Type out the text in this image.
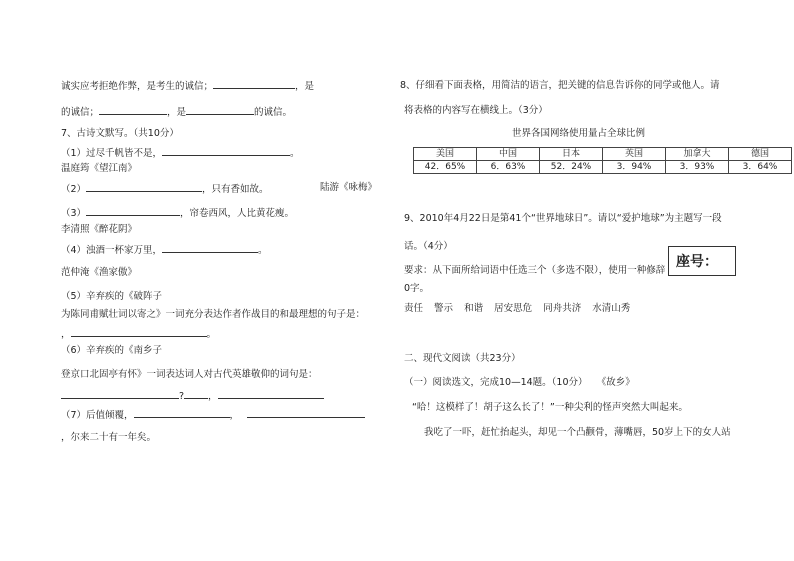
诚实应考拒绝作弊，是考生的诚信；	，是
的诚信；	，是	的诚信。
7、古诗文默写。（共10分）
（1）过尽千帆皆不是，	。
温庭筠《望江南》
（2）	，只有香如故。	陆游《咏梅》
（3）	，帘卷西风，人比黄花瘦。
李清照《醉花阴》
（4）浊酒一杯家万里，	。
范仲淹《渔家傲》
（5）辛弃疾的《破阵子
为陈同甫赋壮词以寄之》一词充分表达作者作战目的和最理想的句子是：
，	。
（6）辛弃疾的《南乡子
登京口北固亭有怀》一词表达词人对古代英雄敬仰的词句是：
?	，
（7）后值倾覆，	，
，尔来二十有一年矣。
8、仔细看下面表格，用简洁的语言，把关键的信息告诉你的同学或他人。请
将表格的内容写在横线上。（3分）
世界各国网络使用量占全球比例
美国	中国	日本	英国	加拿大	德国
42．65%	6．63%	52．24%	3．94%	3．93%	3．64%
9、2010年4月22日是第41个“世界地球日”。请以“爱护地球”为主题写一段
话。（4分）
要求：从下面所给词语中任选三个（多选不限），使用一种修辞
0字。
责任 警示 和谐 居安思危 同舟共济 水清山秀
座号：
二、现代文阅读（共23分）
（一）阅读选文，完成10—14题。（10分） 《故乡》
“哈！这模样了！胡子这么长了！”一种尖利的怪声突然大叫起来。
我吃了一吓，赶忙抬起头，却见一个凸颧骨，薄嘴唇，50岁上下的女人站
